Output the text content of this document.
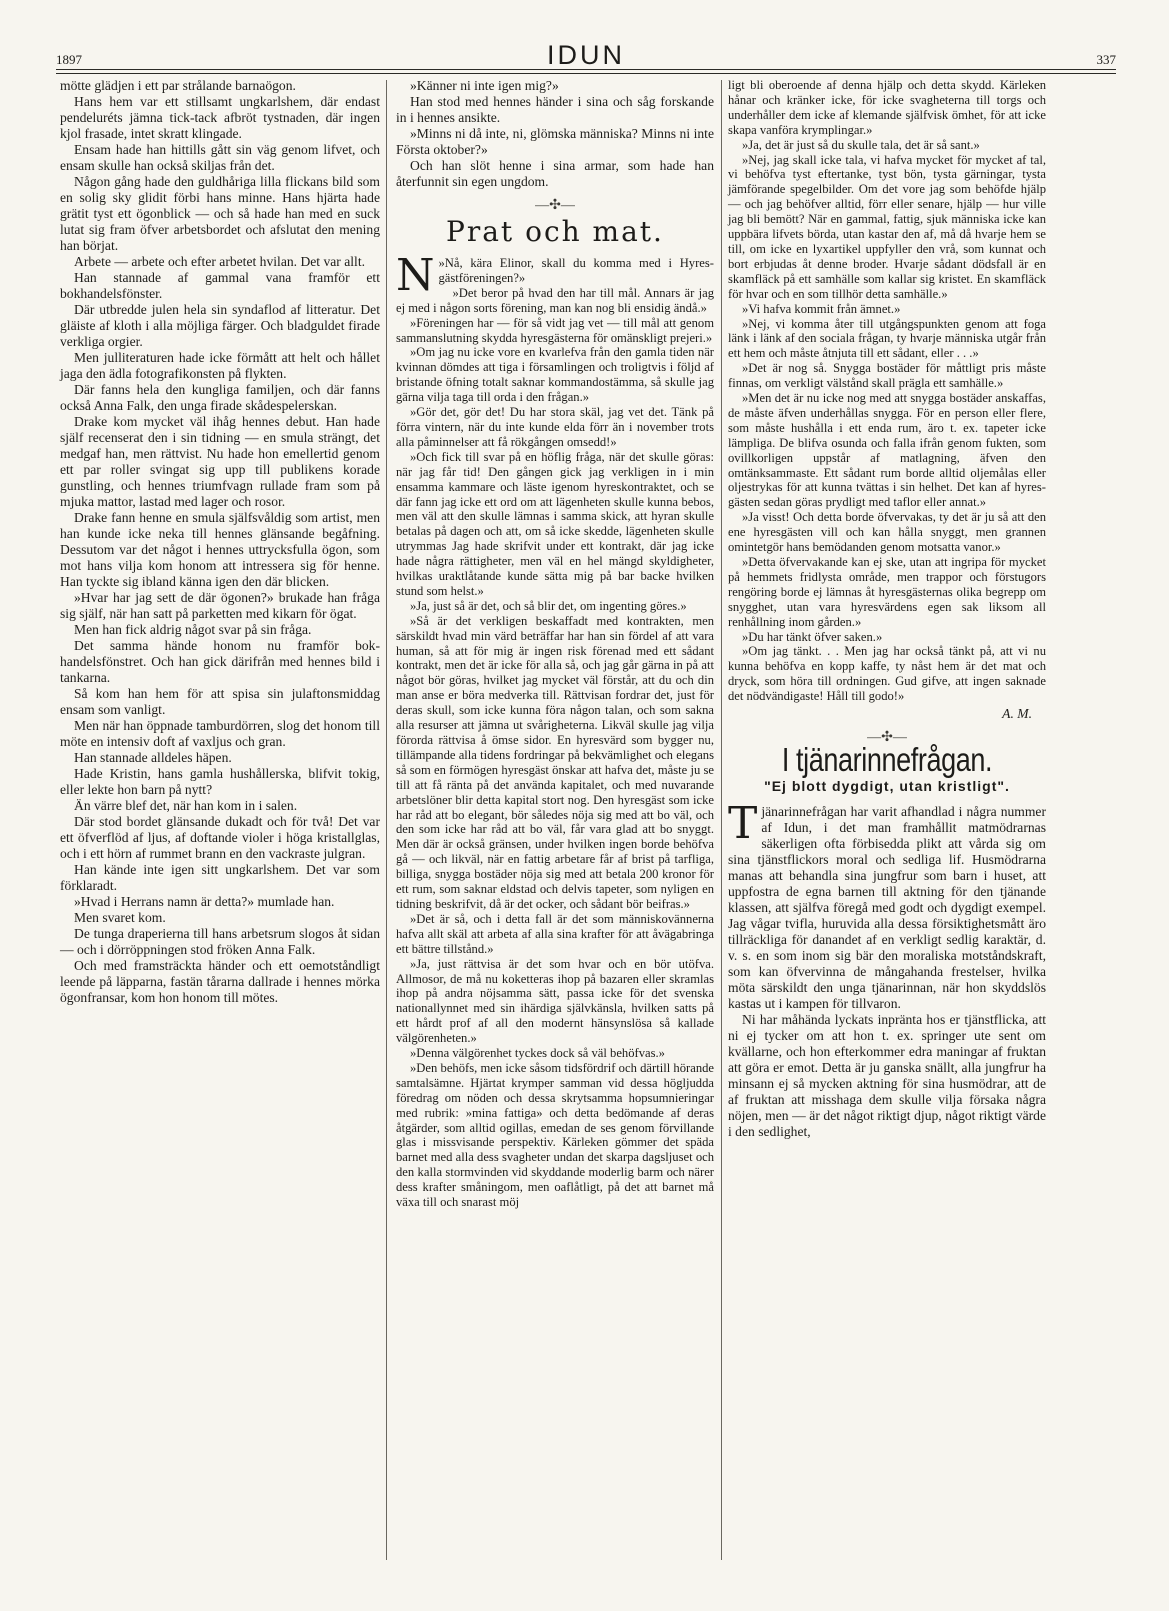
1897	IDUN	337

mötte glädjen i ett par strålande barnaögon.

Hans hem var ett stillsamt ungkarlshem, där endast pendeluréts jämna tick-tack afbröt tystnaden, där ingen kjol frasade, intet skratt klingade.

Ensam hade han hittills gått sin väg genom lifvet, och ensam skulle han också skiljas från det.

Någon gång hade den guldhåriga lilla flickans bild som en solig sky glidit förbi hans minne. Hans hjärta hade grätit tyst ett ögonblick — och så hade han med en suck lutat sig fram öfver arbetsbordet och afslutat den mening han börjat.

Arbete — arbete och efter arbetet hvilan. Det var allt.

Han stannade af gammal vana framför ett bokhandelsfönster.

Där utbredde julen hela sin syndaflod af litteratur. Det gläiste af kloth i alla möjliga färger. Och bladguldet firade verkliga orgier.

Men julliteraturen hade icke förmått att helt och hållet jaga den ädla fotografikonsten på flykten.

Där fanns hela den kungliga familjen, och där fanns också Anna Falk, den unga firade skådespelerskan.

Drake kom mycket väl ihåg hennes debut. Han hade själf recenserat den i sin tidning — en smula strängt, det medgaf han, men rättvist. Nu hade hon emellertid genom ett par roller svingat sig upp till publikens korade gunstling, och hennes triumfvagn rullade fram som på mjuka mattor, lastad med lager och rosor.

Drake fann henne en smula själfsvåldig som artist, men han kunde icke neka till hennes glänsande begåfning. Dessutom var det något i hennes uttrycksfulla ögon, som mot hans vilja kom honom att intressera sig för henne. Han tyckte sig ibland känna igen den där blicken.

»Hvar har jag sett de där ögonen?» brukade han fråga sig själf, när han satt på parketten med kikarn för ögat.

Men han fick aldrig något svar på sin fråga.

Det samma hände honom nu framför bokhandelsfönstret. Och han gick därifrån med hennes bild i tankarna.

Så kom han hem för att spisa sin julaftonsmiddag ensam som vanligt.

Men när han öppnade tamburdörren, slog det honom till möte en intensiv doft af vaxljus och gran.

Han stannade alldeles häpen.

Hade Kristin, hans gamla hushållerska, blifvit tokig, eller lekte hon barn på nytt?

Än värre blef det, när han kom in i salen.

Där stod bordet glänsande dukadt och för två! Det var ett öfverflöd af ljus, af doftande violer i höga kristallglas, och i ett hörn af rummet brann en den vackraste julgran.

Han kände inte igen sitt ungkarlshem. Det var som förklaradt.

»Hvad i Herrans namn är detta?» mumlade han.

Men svaret kom.

De tunga draperierna till hans arbetsrum slogos åt sidan — och i dörröppningen stod fröken Anna Falk.

Och med framsträckta händer och ett oemotståndligt leende på läpparna, fastän tårarna dallrade i hennes mörka ögonfransar, kom hon honom till mötes.

»Känner ni inte igen mig?»

Han stod med hennes händer i sina och såg forskande in i hennes ansikte.

»Minns ni då inte, ni, glömska människa? Minns ni inte Första oktober?»

Och han slöt henne i sina armar, som hade han återfunnit sin egen ungdom.

—✣—
Prat och mat.

N »Nå, kära Elinor, skall du komma med i Hyresgästföreningen?»

»Det beror på hvad den har till mål. Annars är jag ej med i någon sorts förening, man kan nog bli ensidig ändå.»

»Föreningen har — för så vidt jag vet — till mål att genom sammanslutning skydda hyresgästerna för omänskligt prejeri.»

»Om jag nu icke vore en kvarlefva från den gamla tiden när kvinnan dömdes att tiga i församlingen och troligtvis i följd af bristande öfning totalt saknar kommandostämma, så skulle jag gärna vilja taga till orda i den frågan.»

»Gör det, gör det! Du har stora skäl, jag vet det. Tänk på förra vintern, när du inte kunde elda förr än i november trots alla påminnelser att få rökgången omsedd!»

»Och fick till svar på en höflig fråga, när det skulle göras: när jag får tid! Den gången gick jag verkligen in i min ensamma kammare och läste igenom hyreskontraktet, och se där fann jag icke ett ord om att lägenheten skulle kunna bebos, men väl att den skulle lämnas i samma skick, att hyran skulle betalas på dagen och att, om så icke skedde, lägenheten skulle utrymmas Jag hade skrifvit under ett kontrakt, där jag icke hade några rättigheter, men väl en hel mängd skyldigheter, hvilkas uraktlåtande kunde sätta mig på bar backe hvilken stund som helst.»

»Ja, just så är det, och så blir det, om ingenting göres.»

»Så är det verkligen beskaffadt med kontrakten, men särskildt hvad min värd beträffar har han sin fördel af att vara human, så att för mig är ingen risk förenad med ett sådant kontrakt, men det är icke för alla så, och jag går gärna in på att något bör göras, hvilket jag mycket väl förstår, att du och din man anse er böra medverka till. Rättvisan fordrar det, just för deras skull, som icke kunna föra någon talan, och som sakna alla resurser att jämna ut svårigheterna. Likväl skulle jag vilja förorda rättvisa å ömse sidor. En hyresvärd som bygger nu, tillämpande alla tidens fordringar på bekvämlighet och elegans så som en förmögen hyresgäst önskar att hafva det, måste ju se till att få ränta på det använda kapitalet, och med nuvarande arbetslöner blir detta kapital stort nog. Den hyresgäst som icke har råd att bo elegant, bör således nöja sig med att bo väl, och den som icke har råd att bo väl, får vara glad att bo snyggt. Men där är också gränsen, under hvilken ingen borde behöfva gå — och likväl, när en fattig arbetare får af brist på tarfliga, billiga, snygga bostäder nöja sig med att betala 200 kronor för ett rum, som saknar eldstad och delvis tapeter, som nyligen en tidning beskrifvit, då är det ocker, och sådant bör beifras.»

»Det är så, och i detta fall är det som människovännerna hafva allt skäl att arbeta af alla sina krafter för att åvägabringa ett bättre tillstånd.»

»Ja, just rättvisa är det som hvar och en bör utöfva. Allmosor, de må nu koketteras ihop på bazaren eller skramlas ihop på andra nöjsamma sätt, passa icke för det svenska nationallynnet med sin ihärdiga självkänsla, hvilken satts på ett hårdt prof af all den modernt hänsynslösa så kallade välgörenheten.»

»Denna välgörenhet tyckes dock så väl behöfvas.»

»Den behöfs, men icke såsom tidsfördrif och därtill hörande samtalsämne. Hjärtat krymper samman vid dessa högljudda föredrag om nöden och dessa skrytsamma hopsumnieringar med rubrik: »mina fattiga» och detta bedömande af deras åtgärder, som alltid ogillas, emedan de ses genom förvillande glas i missvisande perspektiv. Kärleken gömmer det späda barnet med alla dess svagheter undan det skarpa dagsljuset och den kalla stormvinden vid skyddande moderlig barm och närer dess krafter småningom, men oaflåtligt, på det att barnet må växa till och snarast möj

ligt bli oberoende af denna hjälp och detta skydd. Kärleken hånar och kränker icke, för icke svagheterna till torgs och underhåller dem icke af klemande själfvisk ömhet, för att icke skapa vanföra krymplingar.»

»Ja, det är just så du skulle tala, det är så sant.»

»Nej, jag skall icke tala, vi hafva mycket för mycket af tal, vi behöfva tyst eftertanke, tyst bön, tysta gärningar, tysta jämförande spegelbilder. Om det vore jag som behöfde hjälp — och jag behöfver alltid, förr eller senare, hjälp — hur ville jag bli bemött? När en gammal, fattig, sjuk människa icke kan uppbära lifvets börda, utan kastar den af, må då hvarje hem se till, om icke en lyxartikel uppfyller den vrå, som kunnat och bort erbjudas åt denne broder. Hvarje sådant dödsfall är en skamfläck på ett samhälle som kallar sig kristet. En skamfläck för hvar och en som tillhör detta samhälle.»

»Vi hafva kommit från ämnet.»

»Nej, vi komma åter till utgångspunkten genom att foga länk i länk af den sociala frågan, ty hvarje människa utgår från ett hem och måste åtnjuta till ett sådant, eller . . .»

»Det är nog så. Snygga bostäder för måttligt pris måste finnas, om verkligt välstånd skall prägla ett samhälle.»

»Men det är nu icke nog med att snygga bostäder anskaffas, de måste äfven underhållas snygga. För en person eller flere, som måste hushålla i ett enda rum, äro t. ex. tapeter icke lämpliga. De blifva osunda och falla ifrån genom fukten, som ovillkorligen uppstår af matlagning, äfven den omtänksammaste. Ett sådant rum borde alltid oljemålas eller oljestrykas för att kunna tvättas i sin helhet. Det kan af hyresgästen sedan göras prydligt med taflor eller annat.»

»Ja visst! Och detta borde öfvervakas, ty det är ju så att den ene hyresgästen vill och kan hålla snyggt, men grannen omintetgör hans bemödanden genom motsatta vanor.»

»Detta öfvervakande kan ej ske, utan att ingripa för mycket på hemmets fridlysta område, men trappor och förstugors rengöring borde ej lämnas åt hyresgästernas olika begrepp om snygghet, utan vara hyresvärdens egen sak liksom all renhållning inom gården.»

»Du har tänkt öfver saken.»

»Om jag tänkt. . . Men jag har också tänkt på, att vi nu kunna behöfva en kopp kaffe, ty nåst hem är det mat och dryck, som höra till ordningen. Gud gifve, att ingen saknade det nödvändigaste! Håll till godo!»

A. M.
—✣—
I tjänarinnefrågan.
"Ej blott dygdigt, utan kristligt".

Tjänarinnefrågan har varit afhandlad i några nummer af Idun, i det man framhållit matmödrarnas säkerligen ofta förbisedda plikt att vårda sig om sina tjänstflickors moral och sedliga lif. Husmödrarna manas att behandla sina jungfrur som barn i huset, att uppfostra de egna barnen till aktning för den tjänande klassen, att själfva föregå med godt och dygdigt exempel. Jag vågar tvifla, huruvida alla dessa försiktighetsmått äro tillräckliga för danandet af en verkligt sedlig karaktär, d. v. s. en som inom sig bär den moraliska motståndskraft, som kan öfvervinna de mångahanda frestelser, hvilka möta särskildt den unga tjänarinnan, när hon skyddslös kastas ut i kampen för tillvaron.

Ni har måhända lyckats inpränta hos er tjänstflicka, att ni ej tycker om att hon t. ex. springer ute sent om kvällarne, och hon efterkommer edra maningar af fruktan att göra er emot. Detta är ju ganska snällt, alla jungfrur ha minsann ej så mycken aktning för sina husmödrar, att de af fruktan att misshaga dem skulle vilja försaka några nöjen, men — är det något riktigt djup, något riktigt värde i den sedlighet,
